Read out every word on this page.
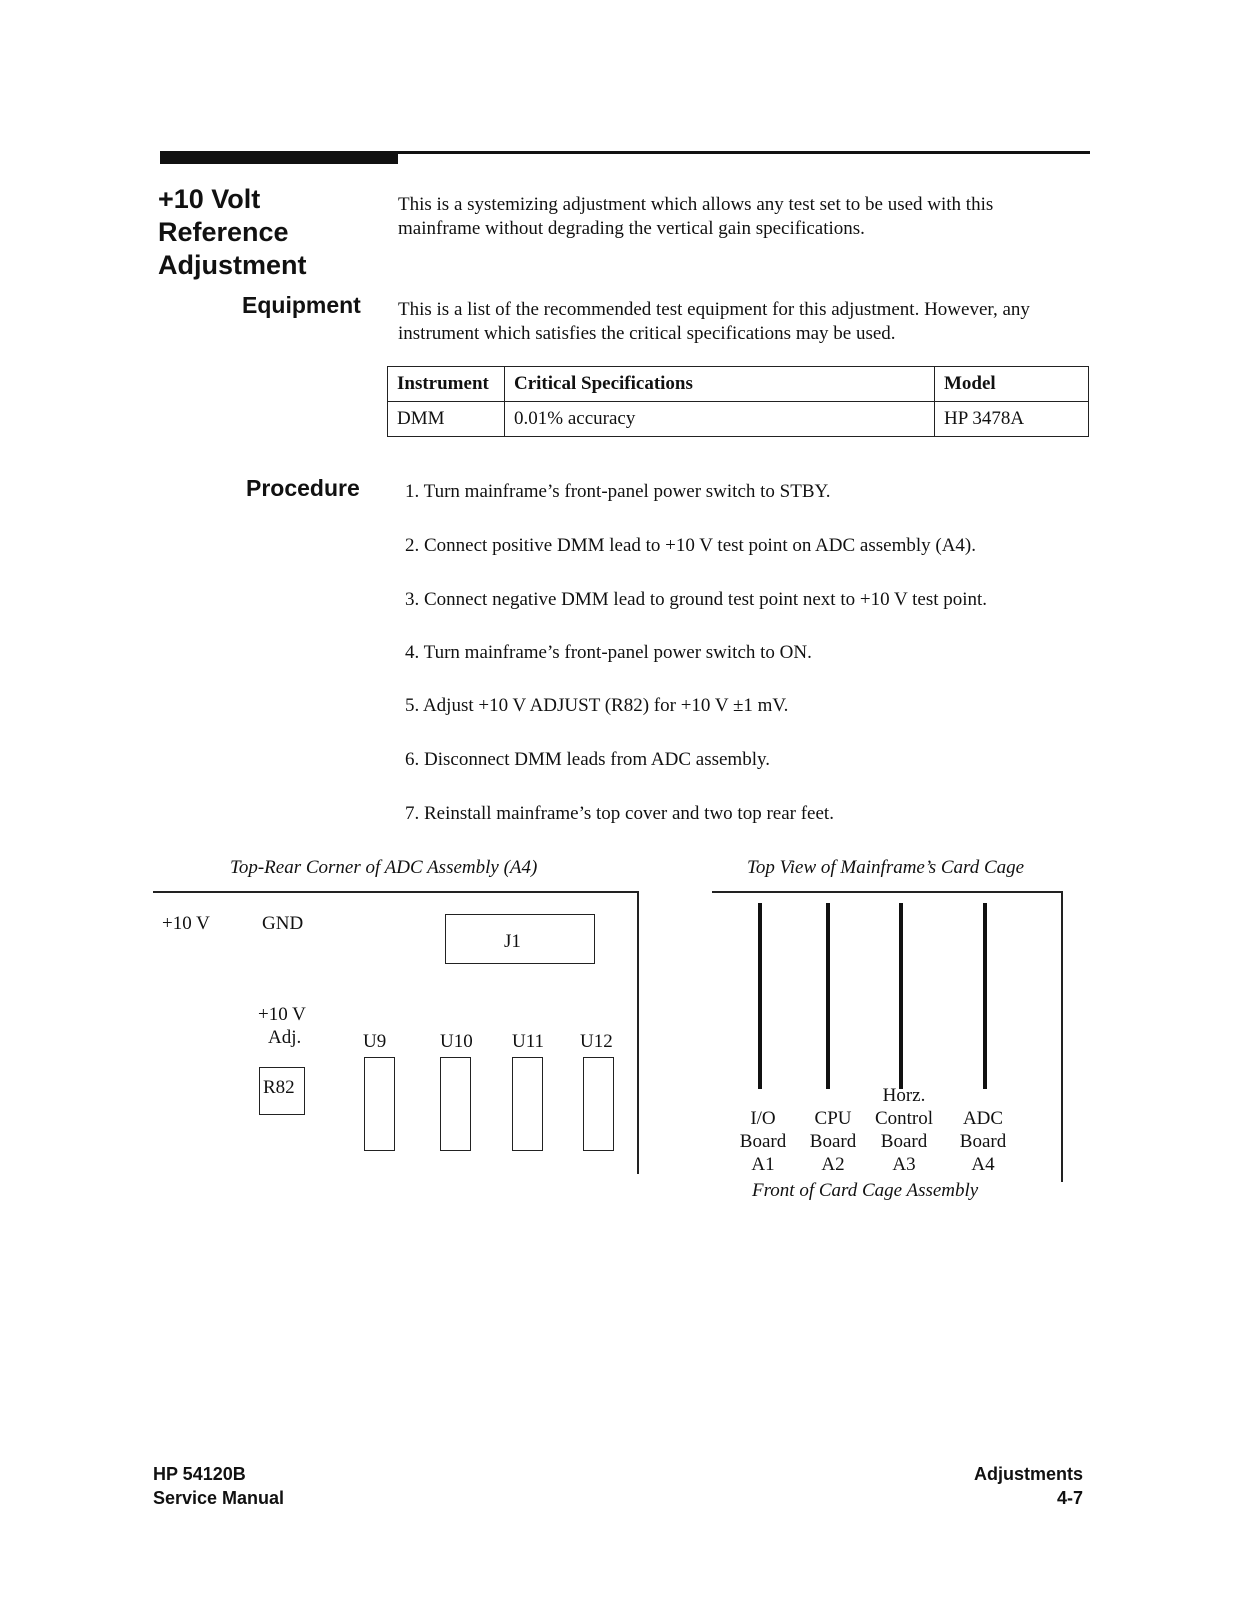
+10 Volt
Reference
Adjustment
This is a systemizing adjustment which allows any test set to be used with this mainframe without degrading the vertical gain specifications.
Equipment This is a list of the recommended test equipment for this adjustment. However, any instrument which satisfies the critical specifications may be used.
Instrument	Critical Specifications	Model
DMM	0.01% accuracy	HP 3478A
Procedure 1. Turn mainframe’s front-panel power switch to STBY.
2. Connect positive DMM lead to +10 V test point on ADC assembly (A4).
3. Connect negative DMM lead to ground test point next to +10 V test point.
4. Turn mainframe’s front-panel power switch to ON.
5. Adjust +10 V ADJUST (R82) for +10 V ±1 mV.
6. Disconnect DMM leads from ADC assembly.
7. Reinstall mainframe’s top cover and two top rear feet.
Top-Rear Corner of ADC Assembly (A4)
+10 V	GND
J1
+10 V
Adj.
R82
U9	U10 U11 U12
Top View of Mainframe’s Card Cage
I/O
Board
A1
CPU
Board
A2
Horz.
Control
Board
A3
ADC
Board
A4
Front of Card Cage Assembly
HP 54120B
Service Manual
Adjustments
4-7
